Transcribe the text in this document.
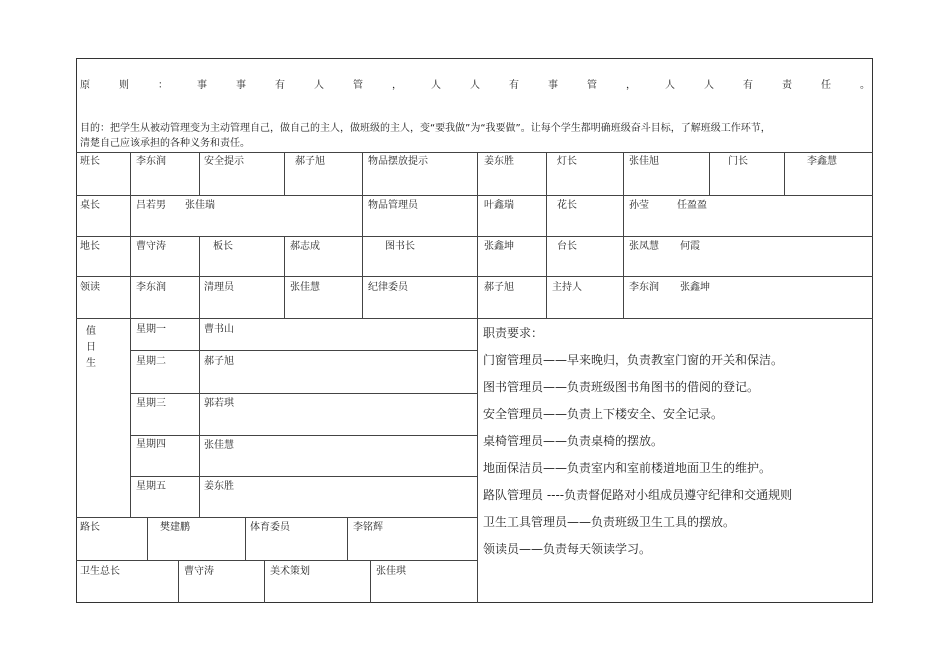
原则：事事有人管，人人有事管，人人有责任。
目的：把学生从被动管理变为主动管理自己，做自己的主人，做班级的主人，变“要我做”为“我要做”。让每个学生都明确班级奋斗目标，了解班级工作环节，清楚自己应该承担的各种义务和责任。
班长	李东润	安全提示	郝子旭	物品摆放提示	姜东胜	灯长	张佳旭	门长	李鑫慧
桌长	吕若男 张佳瑞	物品管理员	叶鑫瑞	花长	孙莹	任盈盈
地长	曹守涛	板长	郝志成	图书长	张鑫坤	台长	张凤慧 何霞
领读	李东润	清理员	张佳慧	纪律委员	郝子旭	主持人	李东润 张鑫坤
值日生
星期一	曹书山
星期二	郝子旭
星期三	郭若琪
星期四	张佳慧
星期五	姜东胜
路长	樊建鹏	体育委员	李铭辉
卫生总长	曹守涛	美术策划	张佳琪
职责要求：
门窗管理员——早来晚归，负责教室门窗的开关和保洁。
图书管理员——负责班级图书角图书的借阅的登记。
安全管理员——负责上下楼安全、安全记录。
桌椅管理员——负责桌椅的摆放。
地面保洁员——负责室内和室前楼道地面卫生的维护。
路队管理员 ----负责督促路对小组成员遵守纪律和交通规则
卫生工具管理员——负责班级卫生工具的摆放。
领读员——负责每天领读学习。
